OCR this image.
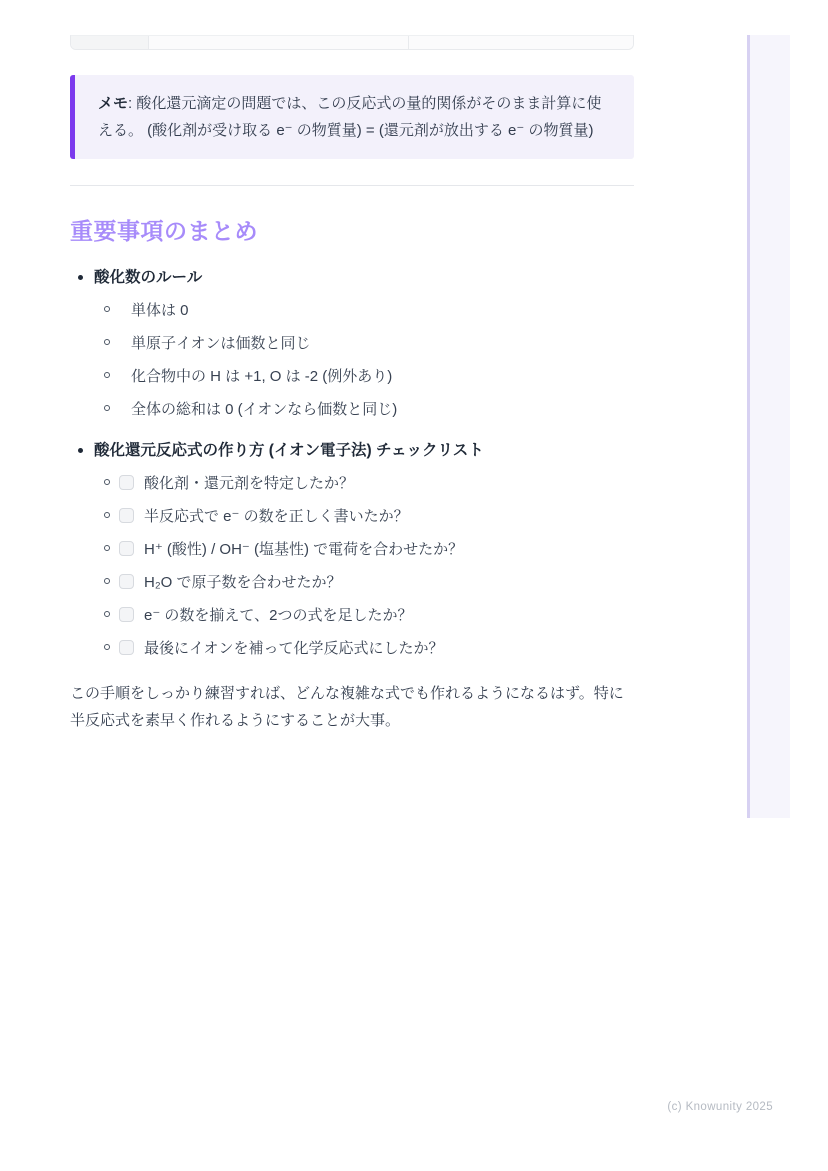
メモ: 酸化還元滴定の問題では、この反応式の量的関係がそのまま計算に使える。 (酸化剤が受け取る e⁻ の物質量) = (還元剤が放出する e⁻ の物質量)
重要事項のまとめ
酸化数のルール
単体は 0
単原子イオンは価数と同じ
化合物中の H は +1, O は -2 (例外あり)
全体の総和は 0 (イオンなら価数と同じ)
酸化還元反応式の作り方 (イオン電子法) チェックリスト
酸化剤・還元剤を特定したか？
半反応式で e⁻ の数を正しく書いたか？
H⁺ (酸性) / OH⁻ (塩基性) で電荷を合わせたか？
H₂O で原子数を合わせたか？
e⁻ の数を揃えて、2つの式を足したか？
最後にイオンを補って化学反応式にしたか？

この手順をしっかり練習すれば、どんな複雑な式でも作れるようになるはず。特に半反応式を素早く作れるようにすることが大事。

(c) Knowunity 2025
